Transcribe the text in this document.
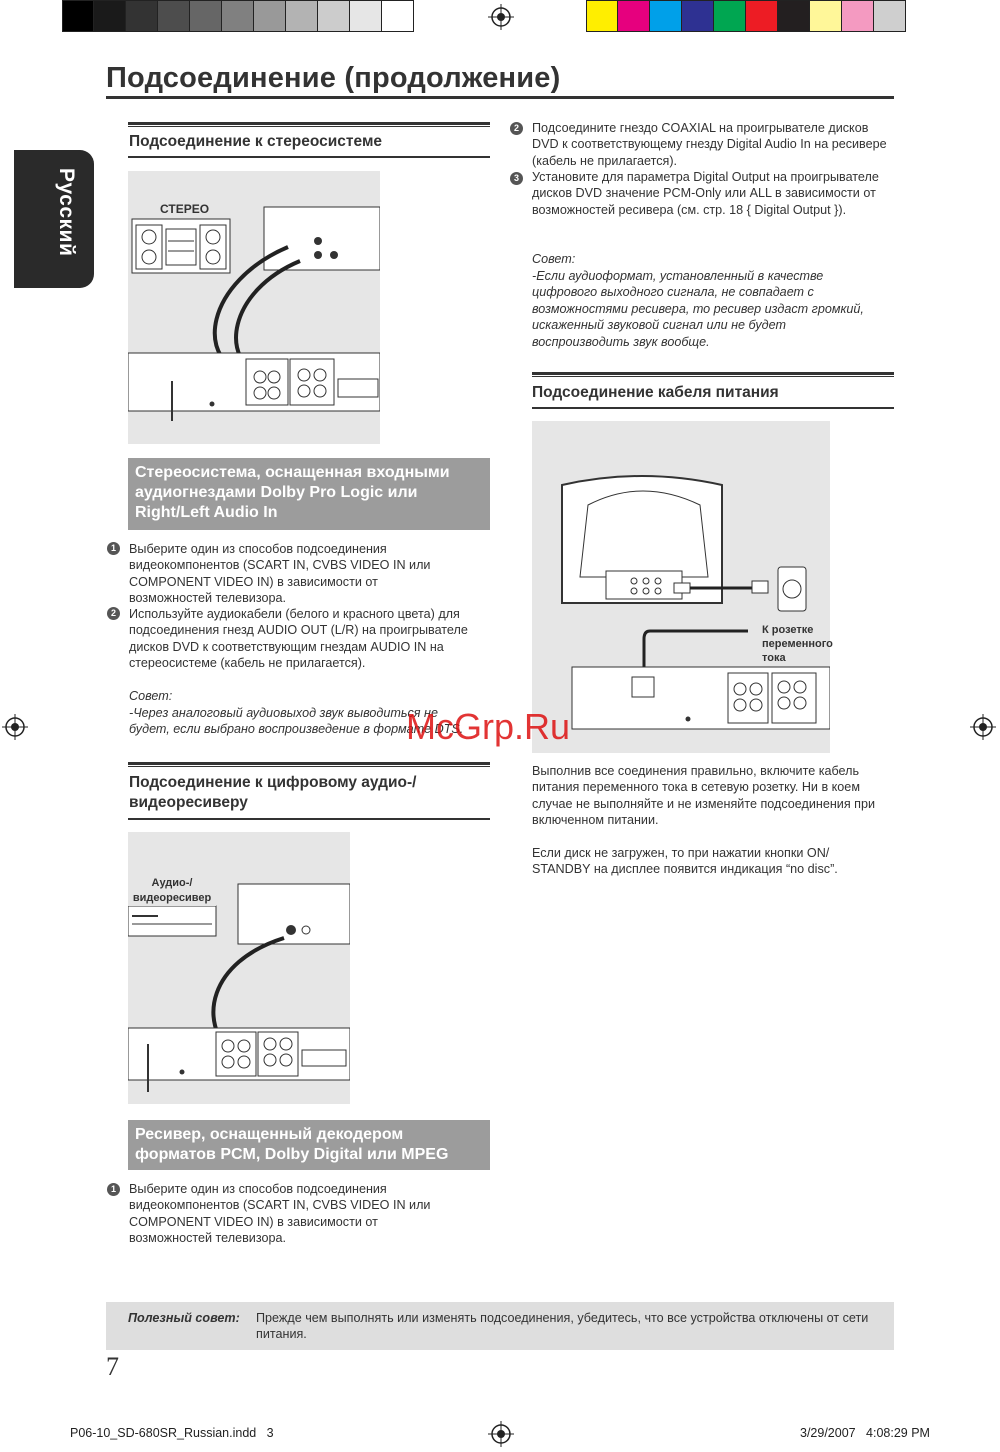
Подсоединение (продолжение)
Русский
Подсоединение к стереосистеме
СТЕРЕО
Стереосистема, оснащенная входными аудиогнездами Dolby Pro Logic или Right/Left Audio In
1	Выберите один из способов подсоединения видеокомпонентов (SCART IN, CVBS VIDEO IN или COMPONENT VIDEO IN) в зависимости от возможностей телевизора.
2	Используйте аудиокабели (белого и красного цвета) для подсоединения гнезд AUDIO OUT (L/R) на проигрывателе дисков DVD к соответствующим гнездам AUDIO IN на стереосистеме (кабель не прилагается).
Совет:
-Через аналоговый аудиовыход звук выводиться не будет, если выбрано воспроизведение в формате DTS.
Подсоединение к цифровому аудио-/ видеоресиверу
Аудио-/ видеоресивер
Ресивер, оснащенный декодером форматов PCM, Dolby Digital или MPEG
1	Выберите один из способов подсоединения видеокомпонентов (SCART IN, CVBS VIDEO IN или COMPONENT VIDEO IN) в зависимости от возможностей телевизора.
2	Подсоедините гнездо COAXIAL на проигрывателе дисков DVD к соответствующему гнезду Digital Audio In на ресивере (кабель не прилагается).
3	Установите для параметра Digital Output на проигрывателе дисков DVD значение PCM-Only или ALL в зависимости от возможностей ресивера (см. стр. 18 { Digital Output }).
Совет:
-Если аудиоформат, установленный в качестве цифрового выходного сигнала, не совпадает с возможностями ресивера, то ресивер издаст громкий, искаженный звуковой сигнал или не будет воспроизводить звук вообще.
Подсоединение кабеля питания
К розетке переменного тока
Выполнив все соединения правильно, включите кабель питания переменного тока в сетевую розетку. Ни в коем случае не выполняйте и не изменяйте подсоединения при включенном питании.
Если диск не загружен, то при нажатии кнопки ON/ STANDBY на дисплее появится индикация “no disc”.
Полезный совет: Прежде чем выполнять или изменять подсоединения, убедитесь, что все устройства отключены от сети питания.
7
P06-10_SD-680SR_Russian.indd   3	3/29/2007   4:08:29 PM
McGrp.Ru
